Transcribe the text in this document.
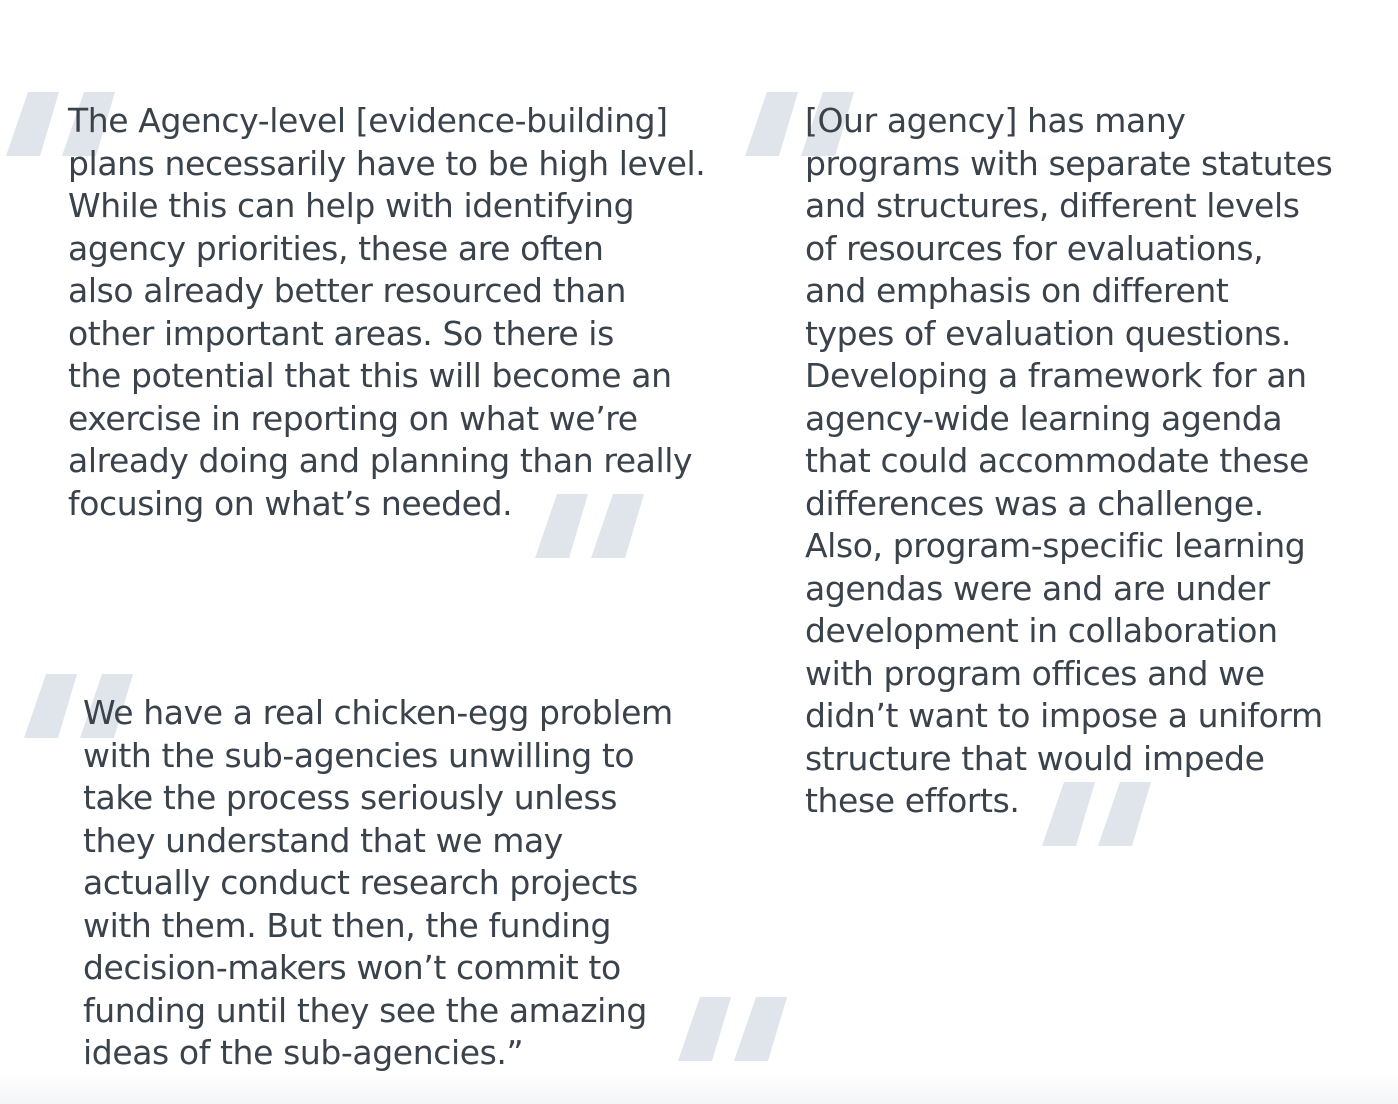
The Agency-level [evidence-building]
plans necessarily have to be high level.
While this can help with identifying
agency priorities, these are often
also already better resourced than
other important areas. So there is
the potential that this will become an
exercise in reporting on what we’re
already doing and planning than really
focusing on what’s needed.

[Our agency] has many
programs with separate statutes
and structures, different levels
of resources for evaluations,
and emphasis on different
types of evaluation questions.
Developing a framework for an
agency-wide learning agenda
that could accommodate these
differences was a challenge.
Also, program-specific learning
agendas were and are under
development in collaboration
with program offices and we
didn’t want to impose a uniform
structure that would impede
these efforts.

We have a real chicken-egg problem
with the sub-agencies unwilling to
take the process seriously unless
they understand that we may
actually conduct research projects
with them. But then, the funding
decision-makers won’t commit to
funding until they see the amazing
ideas of the sub-agencies.”
